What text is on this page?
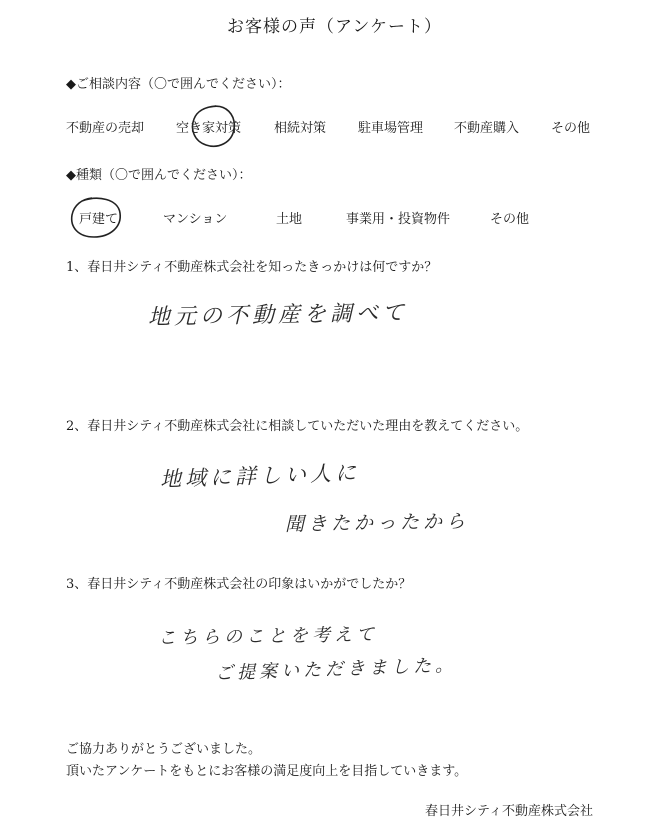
お客様の声（アンケート）
◆ご相談内容（〇で囲んでください）：
不動産の売却 空き家対策	相続対策 駐車場管理 不動産購入 その他
◆種類（〇で囲んでください）：
戸建て	マンション	土地	事業用・投資物件	その他
1、春日井シティ不動産株式会社を知ったきっかけは何ですか？
地元の不動産を調べて
2、春日井シティ不動産株式会社に相談していただいた理由を教えてください。
地域に詳しい人に
聞きたかったから
3、春日井シティ不動産株式会社の印象はいかがでしたか？
こちらのことを考えて
ご提案いただきました。
ご協力ありがとうございました。
頂いたアンケートをもとにお客様の満足度向上を目指していきます。
春日井シティ不動産株式会社
